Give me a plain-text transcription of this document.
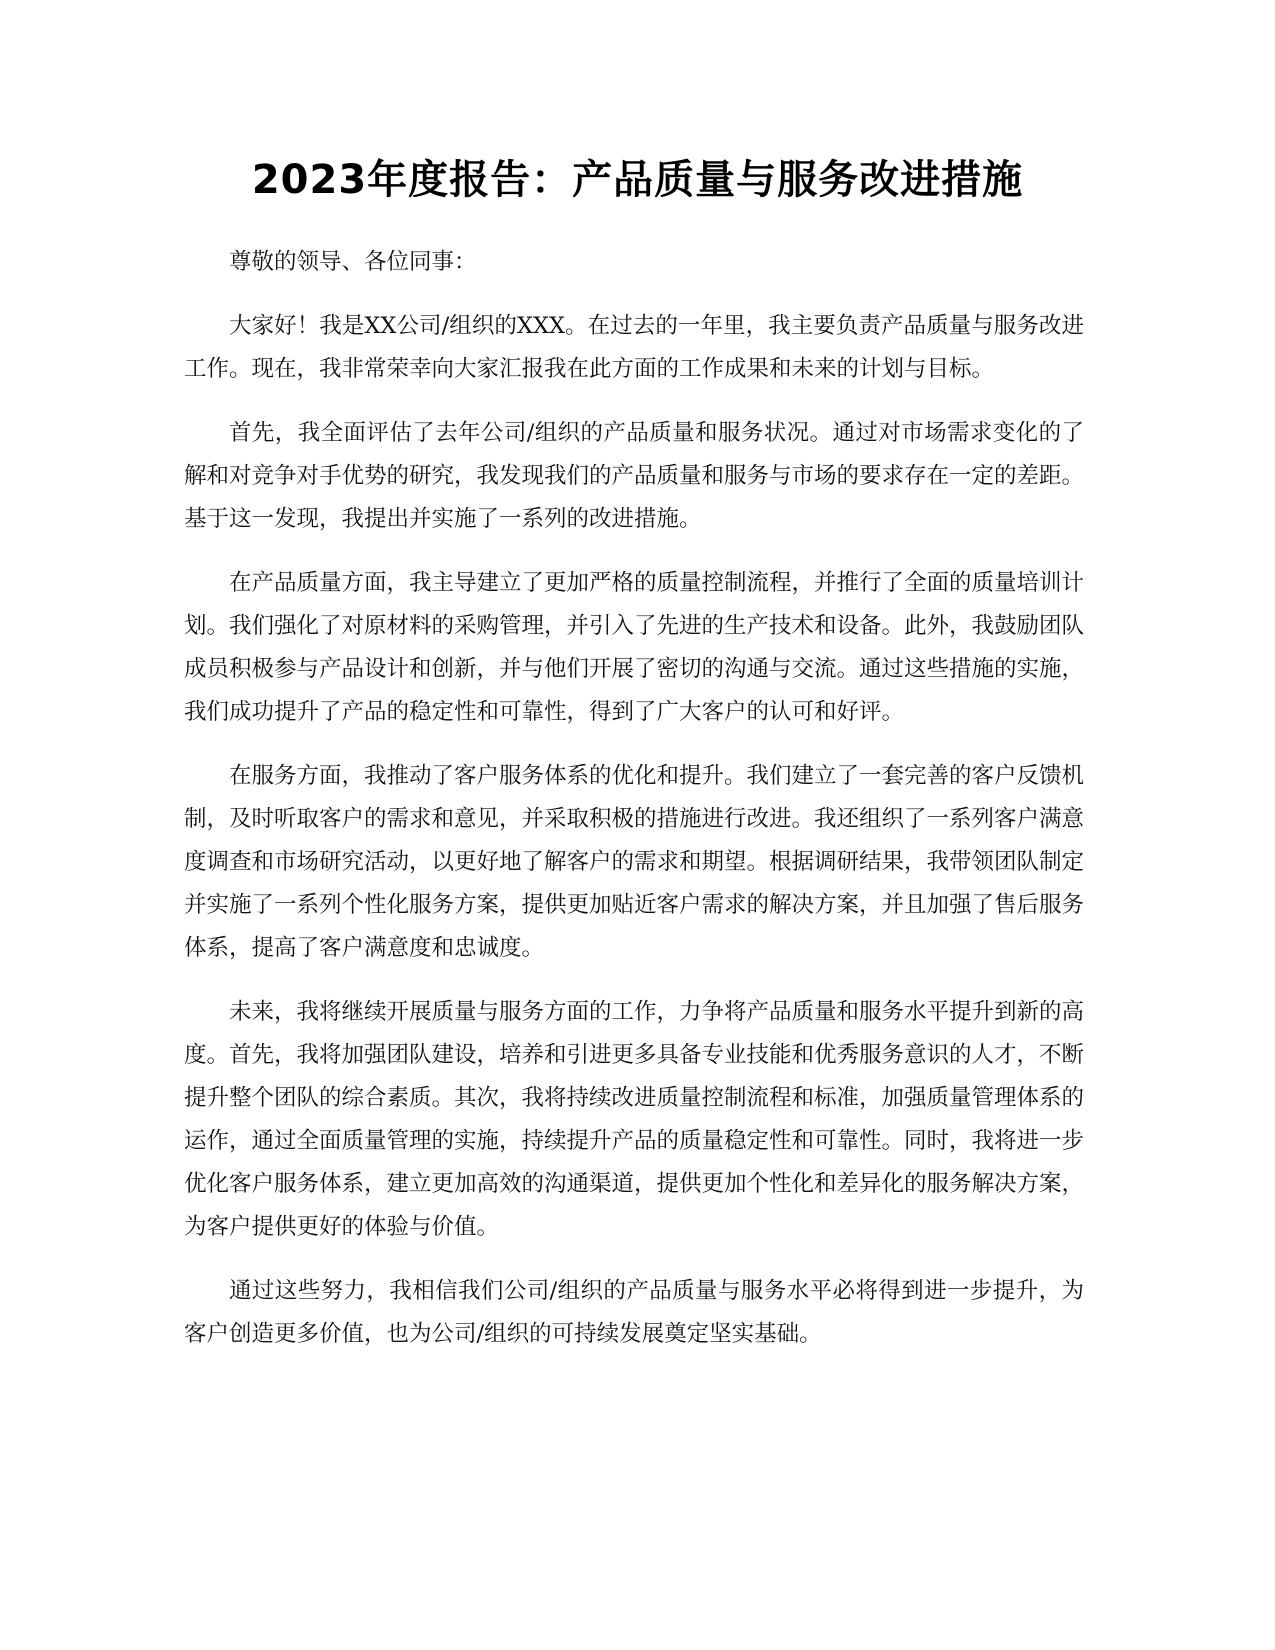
2023年度报告：产品质量与服务改进措施

尊敬的领导、各位同事：

大家好！我是XX公司/组织的XXX。在过去的一年里，我主要负责产品质量与服务改进工作。现在，我非常荣幸向大家汇报我在此方面的工作成果和未来的计划与目标。

首先，我全面评估了去年公司/组织的产品质量和服务状况。通过对市场需求变化的了解和对竞争对手优势的研究，我发现我们的产品质量和服务与市场的要求存在一定的差距。基于这一发现，我提出并实施了一系列的改进措施。

在产品质量方面，我主导建立了更加严格的质量控制流程，并推行了全面的质量培训计划。我们强化了对原材料的采购管理，并引入了先进的生产技术和设备。此外，我鼓励团队成员积极参与产品设计和创新，并与他们开展了密切的沟通与交流。通过这些措施的实施，我们成功提升了产品的稳定性和可靠性，得到了广大客户的认可和好评。

在服务方面，我推动了客户服务体系的优化和提升。我们建立了一套完善的客户反馈机制，及时听取客户的需求和意见，并采取积极的措施进行改进。我还组织了一系列客户满意度调查和市场研究活动，以更好地了解客户的需求和期望。根据调研结果，我带领团队制定并实施了一系列个性化服务方案，提供更加贴近客户需求的解决方案，并且加强了售后服务体系，提高了客户满意度和忠诚度。

未来，我将继续开展质量与服务方面的工作，力争将产品质量和服务水平提升到新的高度。首先，我将加强团队建设，培养和引进更多具备专业技能和优秀服务意识的人才，不断提升整个团队的综合素质。其次，我将持续改进质量控制流程和标准，加强质量管理体系的运作，通过全面质量管理的实施，持续提升产品的质量稳定性和可靠性。同时，我将进一步优化客户服务体系，建立更加高效的沟通渠道，提供更加个性化和差异化的服务解决方案，为客户提供更好的体验与价值。

通过这些努力，我相信我们公司/组织的产品质量与服务水平必将得到进一步提升，为客户创造更多价值，也为公司/组织的可持续发展奠定坚实基础。
